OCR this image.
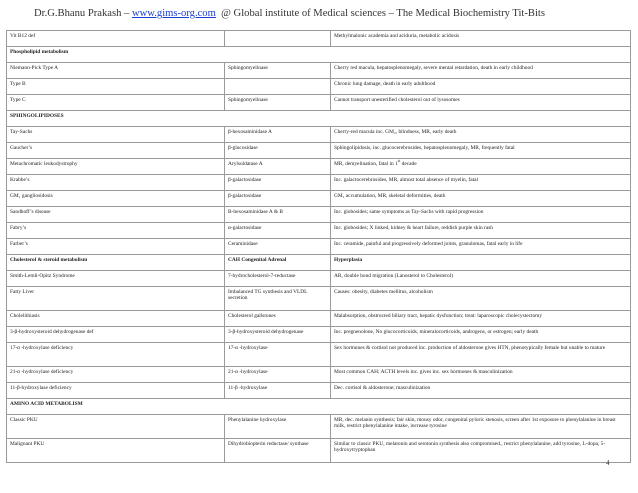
Dr.G.Bhanu Prakash – www.gims-org.com  @ Global institute of Medical sciences – The Medical Biochemistry Tit-Bits
Vit B12 def		Methylmalonic academia and aciduria, metabolic acidosis
Phospholipid metabolism		
Niemann-Pick Type A	Sphingomyelinase	Cherry red macula, hepatosplenomegaly, severe mental retardation, death in early childhood
Type B		Chronic lung damage, death in early adulthood
Type C	Sphingomyelinase	Cannot transport unesterified cholesterol out of lysosomes
SPHINGOLIPIDOSES		
Tay-Sachs	β-hexosaminidase A	Cherry-red macula inc. GM₂, blindness, MR, early death
Gaucher’s	β-glucosidase	Sphingolipidosis, inc. glucocerebrosides, hepatosplenomegaly, MR, frequently fatal
Metachromatic leukodystrophy	Arylsuldatase A	MR, demyelination, fatal in 1st decade
Krabbe’s	β-galactosidase	Inc. galactocerebrosides, MR, almost total absence of myelin, fatal
GM₁ gangliosidosis	β-galactosidase	GM₁ accumulation, MR, skeletal deformities, death
Sandhoff’s disease	B-hexosaminidase A & B	Inc. globosides; same symptoms as Tay-Sachs with rapid progression
Fabry’s	α-galactosidase	Inc. globosides; X linked, kidney & heart failure, reddish purple skin rash
Farber’s	Ceraminidase	Inc. ceramide, painful and progressively deformed joints, granulomas, fatal early in life
Cholesterol & steroid metabolism	CAH Congenital Adrenal	Hyperplasia
Smith-Lemli-Opitz Syndrome	7-hydrocholesterol-7-reductase	AR, double bond migration (Lanosterol to Cholesterol)
Fatty Liver	Imbalanced TG synthesis and VLDL secretion	Causes: obesity, diabetes mellitus, alcoholism
Cholelithiasis	Cholesterol gallstones	Malabsorption, obstructed biliary tract, hepatic dysfunction; treat: laparoscopic cholecystectomy
3-β-hydroxysteroid dehydrogenase def	3-β-hydroxysteroid dehydrogenase	Inc. pregnenolone, No glucocorticoids, mineralocorticoids, androgens, or estrogen; early death
17-α -hydroxylase deficiency	17-α -hydroxylase	Sex hormones & cortisol not produced inc. production of aldosterone gives HTN, phenotypically female but unable to mature
21-α -hydroxylase deficiency	21-α -hydroxylase	Most common CAH; ACTH levels inc. gives inc. sex hormones & masculinization
11-β-hydroxylase deficiency	11-β -hydroxylase	Dec. cortisol & aldosterone; masculinization
AMINO ACID METABOLISM		
Classic PKU	Phenylalanine hydroxylase	MR, dec. melanin synthesis; fair skin, mousy odor, congenital pyloric stenosis, screen after 1st exposure to phenylalanine in breast milk, restrict phenylalanine intake, increase tyrosine
Malignant PKU	Dihydrobiopterin reductase/ synthase	Similar to classic PKU, melatonin and serotonin synthesis also compromised., restrict phenylalanine, add tyrosine, L-dopa, 5-hydroxytryptophan
4
